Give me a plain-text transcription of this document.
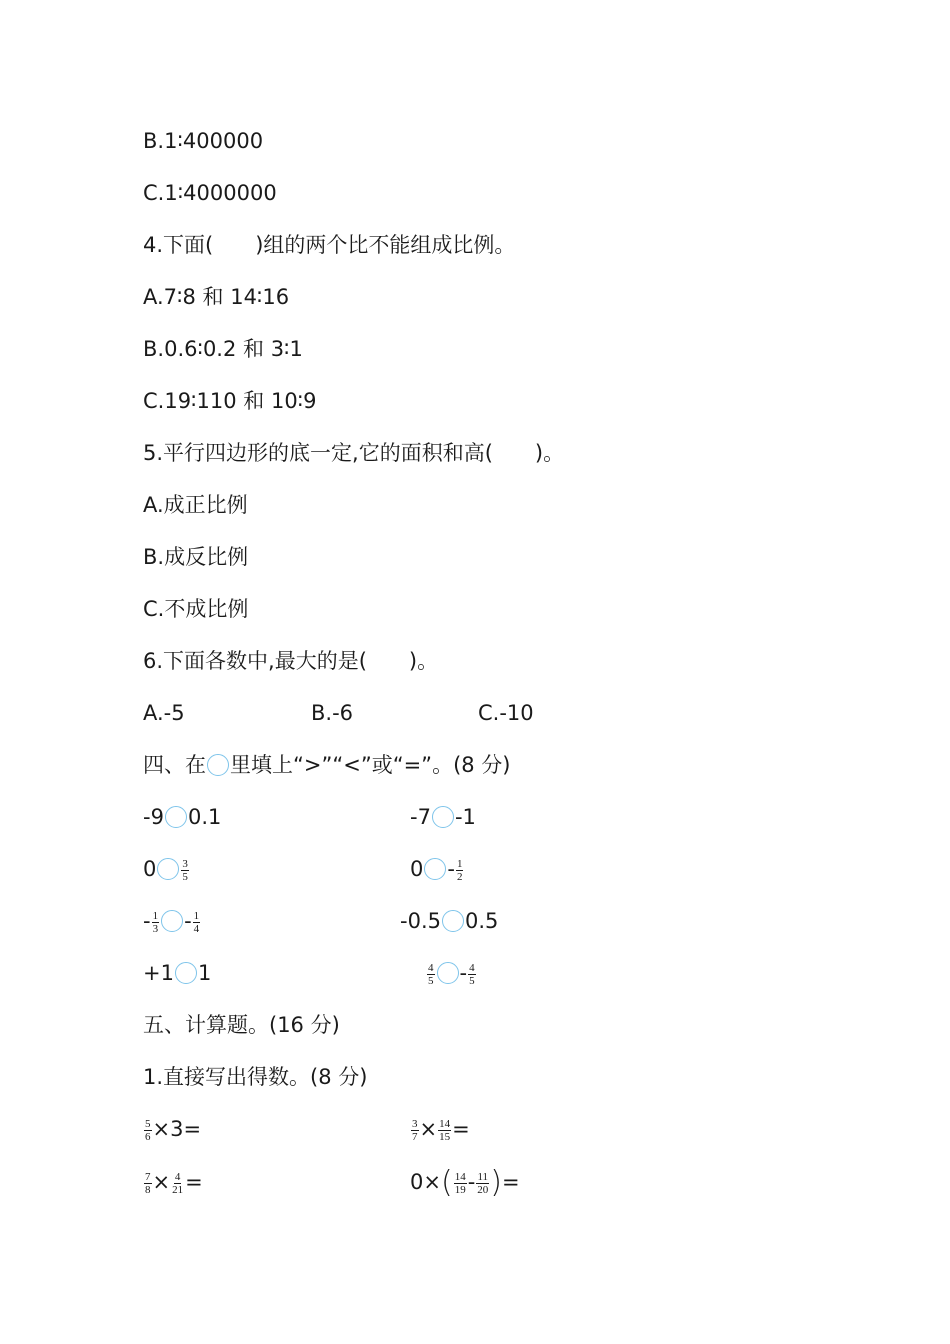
B.1∶400000
C.1∶4000000
4.下面(　　)组的两个比不能组成比例。
A.7∶8 和 14∶16
B.0.6∶0.2 和 3∶1
C.19∶110 和 10∶9
5.平行四边形的底一定,它的面积和高(　　)。
A.成正比例
B.成反比例
C.不成比例
6.下面各数中,最大的是(　　)。
A.-5	B.-6	C.-10
四、在 里填上“>”“<”或“=”。(8 分)
-9 0.1	-7 -1
$0 \frac{3}{5}$	$0 - \frac{1}{2}$
- $\frac{1}{3} - \frac{1}{4}$	-0.5 0.5
+1 1	$\frac{4}{5} - \frac{4}{5}$
五、计算题。(16 分)
1.直接写出得数。(8 分)
$\frac{5}{6} \times 3=$	$\frac{3}{7} \times \frac{14}{15}$ =
$\frac{7}{8} \times \frac{4}{21}$ =	$0\times( \frac{14}{19} - \frac{11}{20}$ )=
